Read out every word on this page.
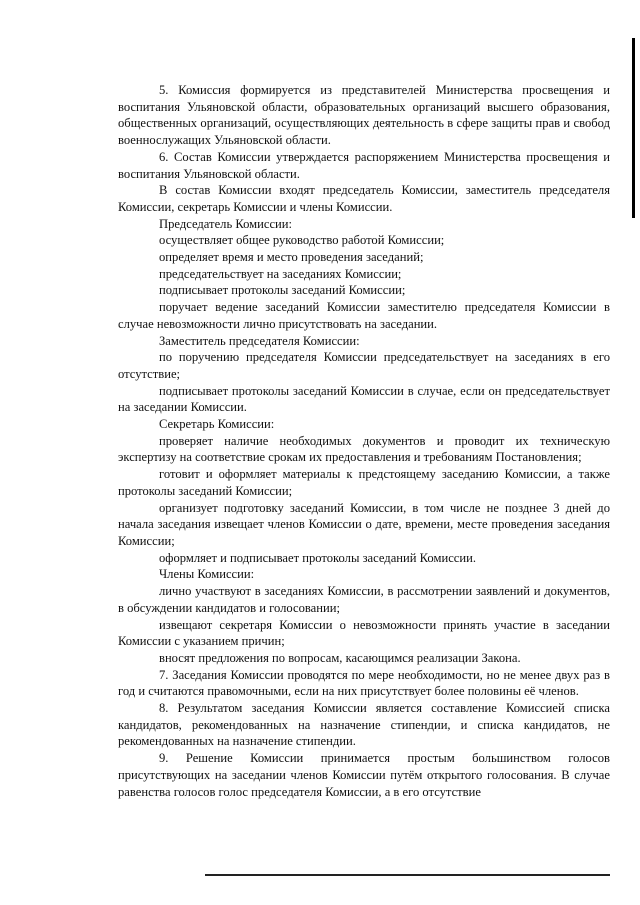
5. Комиссия формируется из представителей Министерства просвещения и воспитания Ульяновской области, образовательных организаций высшего образования, общественных организаций, осуществляющих деятельность в сфере защиты прав и свобод военнослужащих Ульяновской области.

6. Состав Комиссии утверждается распоряжением Министерства просвещения и воспитания Ульяновской области.

В состав Комиссии входят председатель Комиссии, заместитель председателя Комиссии, секретарь Комиссии и члены Комиссии.

Председатель Комиссии:

осуществляет общее руководство работой Комиссии;

определяет время и место проведения заседаний;

председательствует на заседаниях Комиссии;

подписывает протоколы заседаний Комиссии;

поручает ведение заседаний Комиссии заместителю председателя Комиссии в случае невозможности лично присутствовать на заседании.

Заместитель председателя Комиссии:

по поручению председателя Комиссии председательствует на заседаниях в его отсутствие;

подписывает протоколы заседаний Комиссии в случае, если он председательствует на заседании Комиссии.

Секретарь Комиссии:

проверяет наличие необходимых документов и проводит их техническую экспертизу на соответствие срокам их предоставления и требованиям Постановления;

готовит и оформляет материалы к предстоящему заседанию Комиссии, а также протоколы заседаний Комиссии;

организует подготовку заседаний Комиссии, в том числе не позднее 3 дней до начала заседания извещает членов Комиссии о дате, времени, месте проведения заседания Комиссии;

оформляет и подписывает протоколы заседаний Комиссии.

Члены Комиссии:

лично участвуют в заседаниях Комиссии, в рассмотрении заявлений и документов, в обсуждении кандидатов и голосовании;

извещают секретаря Комиссии о невозможности принять участие в заседании Комиссии с указанием причин;

вносят предложения по вопросам, касающимся реализации Закона.

7. Заседания Комиссии проводятся по мере необходимости, но не менее двух раз в год и считаются правомочными, если на них присутствует более половины её членов.

8. Результатом заседания Комиссии является составление Комиссией списка кандидатов, рекомендованных на назначение стипендии, и списка кандидатов, не рекомендованных на назначение стипендии.

9. Решение Комиссии принимается простым большинством голосов присутствующих на заседании членов Комиссии путём открытого голосования. В случае равенства голосов голос председателя Комиссии, а в его отсутствие
